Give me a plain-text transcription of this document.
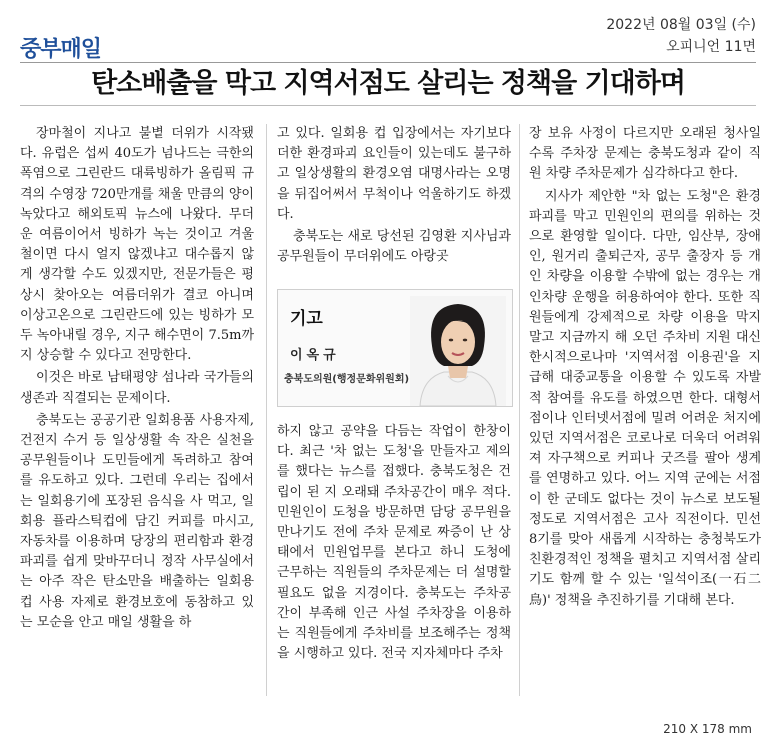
중부매일
2022년 08월 03일 (수)
오피니언 11면
탄소배출을 막고 지역서점도 살리는 정책을 기대하며

장마철이 지나고 불볕 더위가 시작됐다. 유럽은 섭씨 40도가 넘나드는 극한의 폭염으로 그린란드 대륙빙하가 올림픽 규격의 수영장 720만개를 채울 만큼의 양이 녹았다고 해외토픽 뉴스에 나왔다. 무더운 여름이어서 빙하가 녹는 것이고 겨울철이면 다시 얼지 않겠냐고 대수롭지 않게 생각할 수도 있겠지만, 전문가들은 평상시 찾아오는 여름더위가 결코 아니며 이상고온으로 그린란드에 있는 빙하가 모두 녹아내릴 경우, 지구 해수면이 7.5m까지 상승할 수 있다고 전망한다.

이것은 바로 남태평양 섬나라 국가들의 생존과 직결되는 문제이다.

충북도는 공공기관 일회용품 사용자제, 건전지 수거 등 일상생활 속 작은 실천을 공무원들이나 도민들에게 독려하고 참여를 유도하고 있다. 그런데 우리는 집에서는 일회용기에 포장된 음식을 사 먹고, 일회용 플라스틱컵에 담긴 커피를 마시고, 자동차를 이용하며 당장의 편리함과 환경파괴를 쉽게 맞바꾸더니 정작 사무실에서는 아주 작은 탄소만을 배출하는 일회용 컵 사용 자제로 환경보호에 동참하고 있는 모순을 안고 매일 생활을 하

고 있다. 일회용 컵 입장에서는 자기보다 더한 환경파괴 요인들이 있는데도 불구하고 일상생활의 환경오염 대명사라는 오명을 뒤집어써서 무척이나 억울하기도 하겠다.

충북도는 새로 당선된 김영환 지사님과 공무원들이 무더위에도 아랑곳

기고
이옥규
충북도의원(행정문화위원회)

하지 않고 공약을 다듬는 작업이 한창이다. 최근 '차 없는 도청'을 만들자고 제의를 했다는 뉴스를 접했다. 충북도청은 건립이 된 지 오래돼 주차공간이 매우 적다. 민원인이 도청을 방문하면 담당 공무원을 만나기도 전에 주차 문제로 짜증이 난 상태에서 민원업무를 본다고 하니 도청에 근무하는 직원들의 주차문제는 더 설명할 필요도 없을 지경이다. 충북도는 주차공간이 부족해 인근 사설 주차장을 이용하는 직원들에게 주차비를 보조해주는 정책을 시행하고 있다. 전국 지자체마다 주차

장 보유 사정이 다르지만 오래된 청사일수록 주차장 문제는 충북도청과 같이 직원 차량 주차문제가 심각하다고 한다.

지사가 제안한 "차 없는 도청"은 환경파괴를 막고 민원인의 편의를 위하는 것으로 환영할 일이다. 다만, 임산부, 장애인, 원거리 출퇴근자, 공무 출장자 등 개인 차량을 이용할 수밖에 없는 경우는 개인차량 운행을 허용하여야 한다. 또한 직원들에게 강제적으로 차량 이용을 막지 말고 지금까지 해 오던 주차비 지원 대신 한시적으로나마 '지역서점 이용권'을 지급해 대중교통을 이용할 수 있도록 자발적 참여를 유도를 하였으면 한다. 대형서점이나 인터넷서점에 밀려 어려운 처지에 있던 지역서점은 코로나로 더욱더 어려워져 자구책으로 커피나 굿즈를 팔아 생계를 연명하고 있다. 어느 지역 군에는 서점이 한 군데도 없다는 것이 뉴스로 보도될 정도로 지역서점은 고사 직전이다. 민선 8기를 맞아 새롭게 시작하는 충청북도가 친환경적인 정책을 펼치고 지역서점 살리기도 함께 할 수 있는 '일석이조(一石二鳥)' 정책을 추진하기를 기대해 본다.

210 X 178 mm
